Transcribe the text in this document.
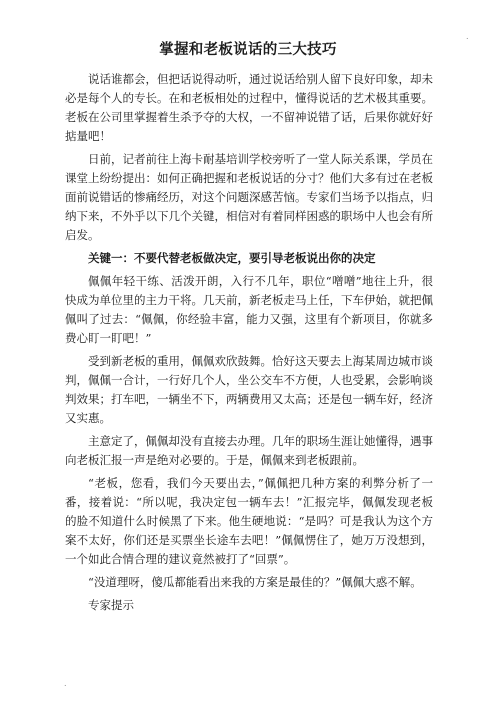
.
掌握和老板说话的三大技巧

说话谁都会，但把话说得动听，通过说话给别人留下良好印象，却未必是每个人的专长。在和老板相处的过程中，懂得说话的艺术极其重要。老板在公司里掌握着生杀予夺的大权，一不留神说错了话，后果你就好好掂量吧！

日前，记者前往上海卡耐基培训学校旁听了一堂人际关系课，学员在课堂上纷纷提出：如何正确把握和老板说话的分寸？他们大多有过在老板面前说错话的惨痛经历，对这个问题深感苦恼。专家们当场予以指点，归纳下来，不外乎以下几个关键，相信对有着同样困惑的职场中人也会有所启发。

关键一：不要代替老板做决定，要引导老板说出你的决定

佩佩年轻干练、活泼开朗，入行不几年，职位“噌噌”地往上升，很快成为单位里的主力干将。几天前，新老板走马上任，下车伊始，就把佩佩叫了过去：“佩佩，你经验丰富，能力又强，这里有个新项目，你就多费心盯一盯吧！”

受到新老板的重用，佩佩欢欣鼓舞。恰好这天要去上海某周边城市谈判，佩佩一合计，一行好几个人，坐公交车不方便，人也受累，会影响谈判效果；打车吧，一辆坐不下，两辆费用又太高；还是包一辆车好，经济又实惠。

主意定了，佩佩却没有直接去办理。几年的职场生涯让她懂得，遇事向老板汇报一声是绝对必要的。于是，佩佩来到老板跟前。

“老板，您看，我们今天要出去，”佩佩把几种方案的利弊分析了一番，接着说：“所以呢，我决定包一辆车去！”汇报完毕，佩佩发现老板的脸不知道什么时候黑了下来。他生硬地说：“是吗？可是我认为这个方案不太好，你们还是买票坐长途车去吧！”佩佩愣住了，她万万没想到，一个如此合情合理的建议竟然被打了“回票”。

“没道理呀，傻瓜都能看出来我的方案是最佳的？”佩佩大惑不解。

专家提示

.
